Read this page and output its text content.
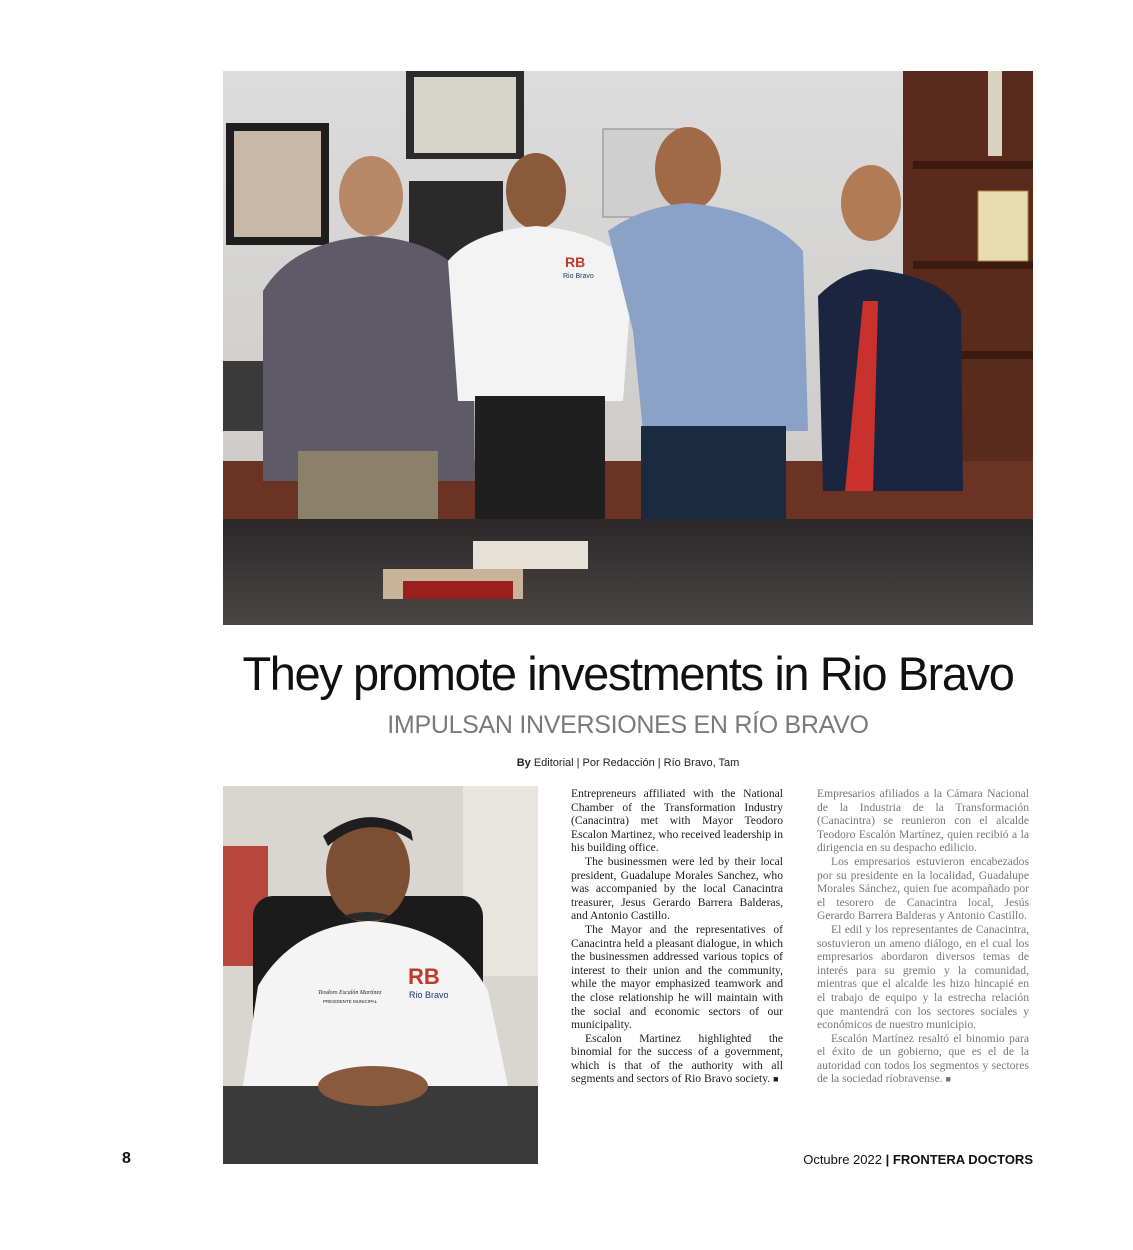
RB
Rio Bravo
They promote investments in Rio Bravo
IMPULSAN INVERSIONES EN RÍO BRAVO
By Editorial | Por Redacción | Río Bravo, Tam
RB
Rio Bravo
Teodoro Escalón Martínez
PRESIDENTE MUNICIPAL

Entrepreneurs affiliated with the National Chamber of the Transformation Industry (Canacintra) met with Mayor Teodoro Escalon Martinez, who received leadership in his building office.

The businessmen were led by their local president, Guadalupe Morales Sanchez, who was accompanied by the local Canacintra treasurer, Jesus Gerardo Barrera Balderas, and Antonio Castillo.

The Mayor and the representatives of Canacintra held a pleasant dialogue, in which the businessmen addressed various topics of interest to their union and the community, while the mayor emphasized teamwork and the close relationship he will maintain with the social and economic sectors of our municipality.

Escalon Martinez highlighted the binomial for the success of a government, which is that of the authority with all segments and sectors of Rio Bravo society. ■

Empresarios afiliados a la Cámara Nacional de la Industria de la Transformación (Canacintra) se reunieron con el alcalde Teodoro Escalón Martínez, quien recibió a la dirigencia en su despacho edilicio.

Los empresarios estuvieron encabezados por su presidente en la localidad, Guadalupe Morales Sánchez, quien fue acompañado por el tesorero de Canacintra local, Jesús Gerardo Barrera Balderas y Antonio Castillo.

El edil y los representantes de Canacintra, sostuvieron un ameno diálogo, en el cual los empresarios abordaron diversos temas de interés para su gremio y la comunidad, mientras que el alcalde les hizo hincapié en el trabajo de equipo y la estrecha relación que mantendrá con los sectores sociales y económicos de nuestro municipio.

Escalón Martínez resaltó el binomio para el éxito de un gobierno, que es el de la autoridad con todos los segmentos y sectores de la sociedad ríobravense. ■

8	Octubre 2022 | FRONTERA DOCTORS
